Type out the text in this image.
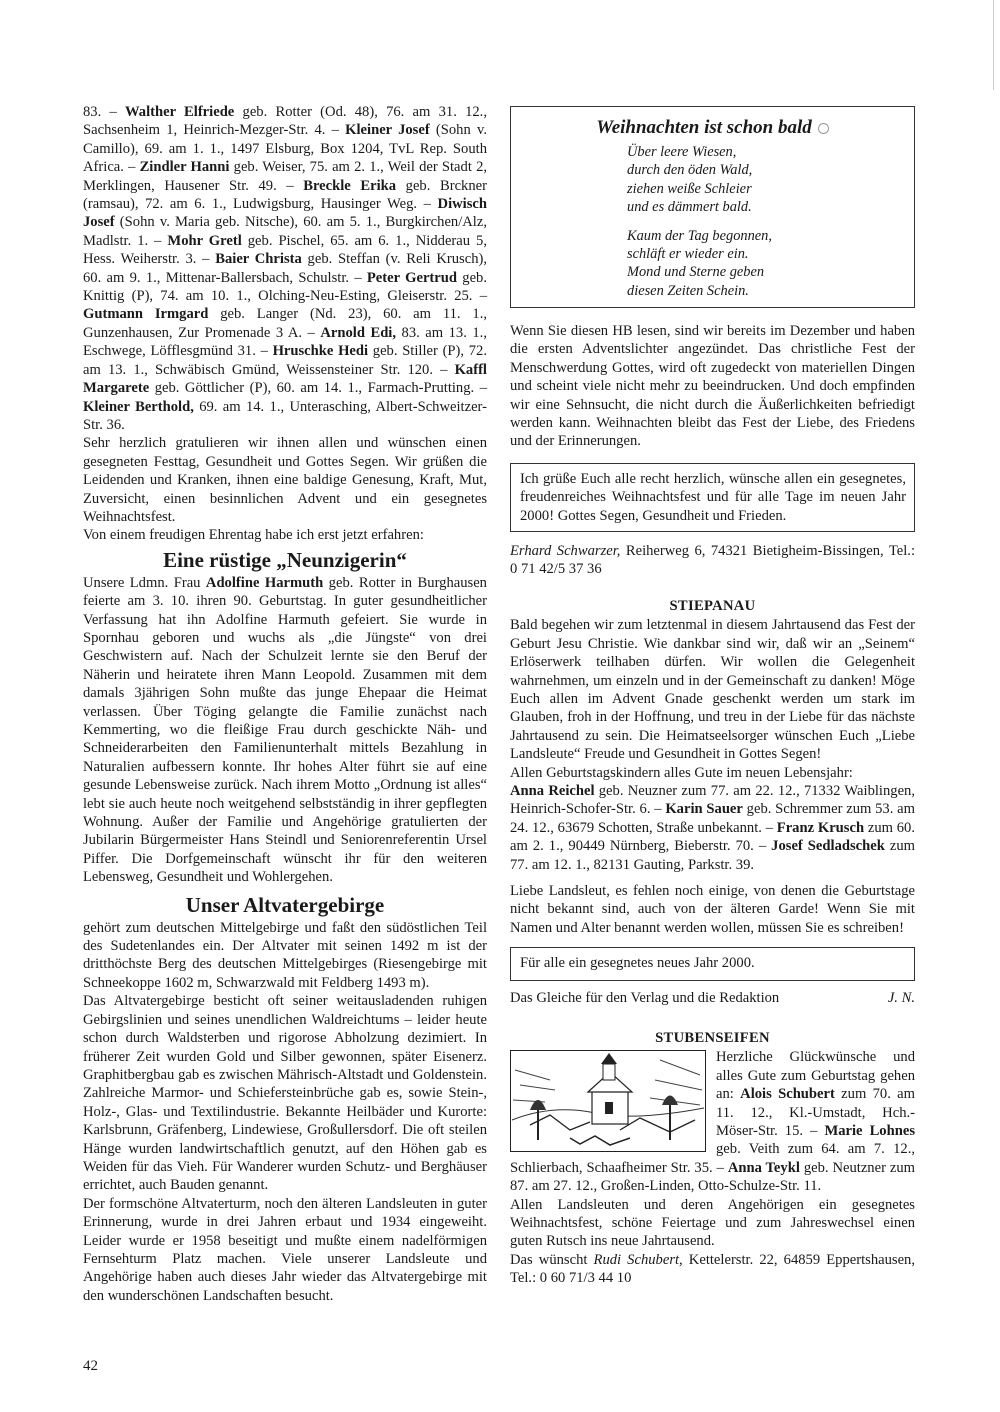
83. – Walther Elfriede geb. Rotter (Od. 48), 76. am 31. 12., Sachsenheim 1, Heinrich-Mezger-Str. 4. – Kleiner Josef (Sohn v. Camillo), 69. am 1. 1., 1497 Elsburg, Box 1204, TvL Rep. South Africa. – Zindler Hanni geb. Weiser, 75. am 2. 1., Weil der Stadt 2, Merklingen, Hausener Str. 49. – Breckle Erika geb. Brckner (ramsau), 72. am 6. 1., Ludwigsburg, Hausinger Weg. – Diwisch Josef (Sohn v. Maria geb. Nitsche), 60. am 5. 1., Burgkirchen/Alz, Madlstr. 1. – Mohr Gretl geb. Pischel, 65. am 6. 1., Nidderau 5, Hess. Weiherstr. 3. – Baier Christa geb. Steffan (v. Reli Krusch), 60. am 9. 1., Mittenar-Ballersbach, Schulstr. – Peter Gertrud geb. Knittig (P), 74. am 10. 1., Olching-Neu-Esting, Gleiserstr. 25. – Gutmann Irmgard geb. Langer (Nd. 23), 60. am 11. 1., Gunzenhausen, Zur Promenade 3 A. – Arnold Edi, 83. am 13. 1., Eschwege, Löfflesgmünd 31. – Hruschke Hedi geb. Stiller (P), 72. am 13. 1., Schwäbisch Gmünd, Weissensteiner Str. 120. – Kaffl Margarete geb. Göttlicher (P), 60. am 14. 1., Farmach-Prutting. – Kleiner Berthold, 69. am 14. 1., Unterasching, Albert-Schweitzer-Str. 36.

Sehr herzlich gratulieren wir ihnen allen und wünschen einen gesegneten Festtag, Gesundheit und Gottes Segen. Wir grüßen die Leidenden und Kranken, ihnen eine baldige Genesung, Kraft, Mut, Zuversicht, einen besinnlichen Advent und ein gesegnetes Weihnachtsfest.

Von einem freudigen Ehrentag habe ich erst jetzt erfahren:

Eine rüstige „Neunzigerin“

Unsere Ldmn. Frau Adolfine Harmuth geb. Rotter in Burghausen feierte am 3. 10. ihren 90. Geburtstag. In guter gesundheitlicher Verfassung hat ihn Adolfine Harmuth gefeiert. Sie wurde in Spornhau geboren und wuchs als „die Jüngste“ von drei Geschwistern auf. Nach der Schulzeit lernte sie den Beruf der Näherin und heiratete ihren Mann Leopold. Zusammen mit dem damals 3jährigen Sohn mußte das junge Ehepaar die Heimat verlassen. Über Töging gelangte die Familie zunächst nach Kemmerting, wo die fleißige Frau durch geschickte Näh- und Schneiderarbeiten den Familienunterhalt mittels Bezahlung in Naturalien aufbessern konnte. Ihr hohes Alter führt sie auf eine gesunde Lebensweise zurück. Nach ihrem Motto „Ordnung ist alles“ lebt sie auch heute noch weitgehend selbstständig in ihrer gepflegten Wohnung. Außer der Familie und Angehörige gratulierten der Jubilarin Bürgermeister Hans Steindl und Seniorenreferentin Ursel Piffer. Die Dorfgemeinschaft wünscht ihr für den weiteren Lebensweg, Gesundheit und Wohlergehen.

Unser Altvatergebirge

gehört zum deutschen Mittelgebirge und faßt den südöstlichen Teil des Sudetenlandes ein. Der Altvater mit seinen 1492 m ist der dritthöchste Berg des deutschen Mittelgebirges (Riesengebirge mit Schneekoppe 1602 m, Schwarzwald mit Feldberg 1493 m).

Das Altvatergebirge besticht oft seiner weitausladenden ruhigen Gebirgslinien und seines unendlichen Waldreichtums – leider heute schon durch Waldsterben und rigorose Abholzung dezimiert. In früherer Zeit wurden Gold und Silber gewonnen, später Eisenerz. Graphitbergbau gab es zwischen Mährisch-Altstadt und Goldenstein. Zahlreiche Marmor- und Schiefersteinbrüche gab es, sowie Stein-, Holz-, Glas- und Textilindustrie. Bekannte Heilbäder und Kurorte: Karlsbrunn, Gräfenberg, Lindewiese, Großullersdorf. Die oft steilen Hänge wurden landwirtschaftlich genutzt, auf den Höhen gab es Weiden für das Vieh. Für Wanderer wurden Schutz- und Berghäuser errichtet, auch Bauden genannt.

Der formschöne Altvaterturm, noch den älteren Landsleuten in guter Erinnerung, wurde in drei Jahren erbaut und 1934 eingeweiht. Leider wurde er 1958 beseitigt und mußte einem nadelförmigen Fernsehturm Platz machen. Viele unserer Landsleute und Angehörige haben auch dieses Jahr wieder das Altvatergebirge mit den wunderschönen Landschaften besucht.

Weihnachten ist schon bald
Über leere Wiesen,
durch den öden Wald,
ziehen weiße Schleier
und es dämmert bald.
Kaum der Tag begonnen,
schläft er wieder ein.
Mond und Sterne geben
diesen Zeiten Schein.

Wenn Sie diesen HB lesen, sind wir bereits im Dezember und haben die ersten Adventslichter angezündet. Das christliche Fest der Menschwerdung Gottes, wird oft zugedeckt von materiellen Dingen und scheint viele nicht mehr zu beeindrucken. Und doch empfinden wir eine Sehnsucht, die nicht durch die Äußerlichkeiten befriedigt werden kann. Weihnachten bleibt das Fest der Liebe, des Friedens und der Erinnerungen.

Ich grüße Euch alle recht herzlich, wünsche allen ein gesegnetes, freudenreiches Weihnachtsfest und für alle Tage im neuen Jahr 2000! Gottes Segen, Gesundheit und Frieden.

Erhard Schwarzer, Reiherweg 6, 74321 Bietigheim-Bissingen, Tel.: 0 71 42/5 37 36

STIEPANAU

Bald begehen wir zum letztenmal in diesem Jahrtausend das Fest der Geburt Jesu Christie. Wie dankbar sind wir, daß wir an „Seinem“ Erlöserwerk teilhaben dürfen. Wir wollen die Gelegenheit wahrnehmen, um einzeln und in der Gemeinschaft zu danken! Möge Euch allen im Advent Gnade geschenkt werden um stark im Glauben, froh in der Hoffnung, und treu in der Liebe für das nächste Jahrtausend zu sein. Die Heimatseelsorger wünschen Euch „Liebe Landsleute“ Freude und Gesundheit in Gottes Segen!

Allen Geburtstagskindern alles Gute im neuen Lebensjahr:

Anna Reichel geb. Neuzner zum 77. am 22. 12., 71332 Waiblingen, Heinrich-Schofer-Str. 6. – Karin Sauer geb. Schremmer zum 53. am 24. 12., 63679 Schotten, Straße unbekannt. – Franz Krusch zum 60. am 2. 1., 90449 Nürnberg, Bieberstr. 70. – Josef Sedladschek zum 77. am 12. 1., 82131 Gauting, Parkstr. 39.

Liebe Landsleut, es fehlen noch einige, von denen die Geburtstage nicht bekannt sind, auch von der älteren Garde! Wenn Sie mit Namen und Alter benannt werden wollen, müssen Sie es schreiben!

Für alle ein gesegnetes neues Jahr 2000.

Das Gleiche für den Verlag und die Redaktion	J. N.
STUBENSEIFEN

Herzliche Glückwünsche und alles Gute zum Geburtstag gehen an: Alois Schubert zum 70. am 11. 12., Kl.-Umstadt, Hch.-Möser-Str. 15. – Marie Lohnes geb. Veith zum 64. am 7. 12., Schlierbach, Schaafheimer Str. 35. – Anna Teykl geb. Neutzner zum 87. am 27. 12., Großen-Linden, Otto-Schulze-Str. 11.

Allen Landsleuten und deren Angehörigen ein gesegnetes Weihnachtsfest, schöne Feiertage und zum Jahreswechsel einen guten Rutsch ins neue Jahrtausend.

Das wünscht Rudi Schubert, Kettelerstr. 22, 64859 Eppertshausen, Tel.: 0 60 71/3 44 10

42
